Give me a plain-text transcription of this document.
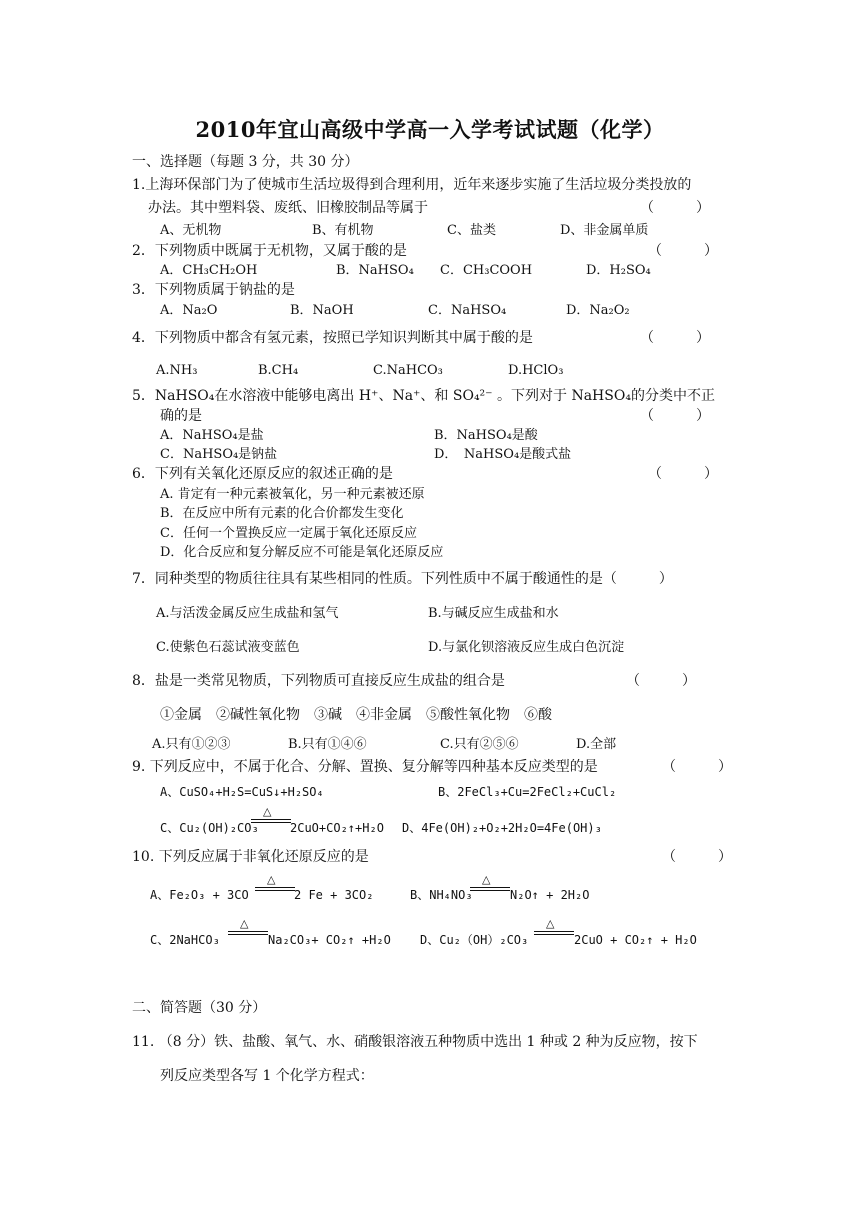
2010年宜山高级中学高一入学考试试题（化学）
一、选择题（每题 3 分，共 30 分）
1.上海环保部门为了使城市生活垃圾得到合理利用，近年来逐步实施了生活垃圾分类投放的
办法。其中塑料袋、废纸、旧橡胶制品等属于	（　　　）
A、无机物	B、有机物	C、盐类	D、非金属单质
2．下列物质中既属于无机物，又属于酸的是	（　　　）
A．CH₃CH₂OH	B．NaHSO₄ C．CH₃COOH	D．H₂SO₄
3．下列物质属于钠盐的是
A．Na₂O	B．NaOH	C．NaHSO₄	D．Na₂O₂
4．下列物质中都含有氢元素，按照已学知识判断其中属于酸的是	（　　　）
A.NH₃	B.CH₄	C.NaHCO₃	D.HClO₃
5．NaHSO₄在水溶液中能够电离出 H⁺、Na⁺、和 SO₄²⁻ 。下列对于 NaHSO₄的分类中不正
确的是	（　　　）
A．NaHSO₄是盐	B．NaHSO₄是酸
C．NaHSO₄是钠盐	D．　NaHSO₄是酸式盐
6．下列有关氧化还原反应的叙述正确的是	（　　　）
A. 肯定有一种元素被氧化，另一种元素被还原
B．在反应中所有元素的化合价都发生变化
C．任何一个置换反应一定属于氧化还原反应
D．化合反应和复分解反应不可能是氧化还原反应
7．同种类型的物质往往具有某些相同的性质。下列性质中不属于酸通性的是（　　　）
A.与活泼金属反应生成盐和氢气	B.与碱反应生成盐和水
C.使紫色石蕊试液变蓝色	D.与氯化钡溶液反应生成白色沉淀
8．盐是一类常见物质，下列物质可直接反应生成盐的组合是	（　　　）
①金属　②碱性氧化物　③碱　④非金属　⑤酸性氧化物　⑥酸
A.只有①②③	B.只有①④⑥	C.只有②⑤⑥	D.全部
9. 下列反应中，不属于化合、分解、置换、复分解等四种基本反应类型的是	（　　　）
A、CuSO₄+H₂S=CuS↓+H₂SO₄	B、2FeCl₃+Cu=2FeCl₂+CuCl₂
C、Cu₂(OH)₂CO₃
△
2CuO+CO₂↑+H₂O D、4Fe(OH)₂+O₂+2H₂O=4Fe(OH)₃
10. 下列反应属于非氧化还原反应的是	（　　　）
A、Fe₂O₃ + 3CO
△
2 Fe + 3CO₂	B、NH₄NO₃
△
N₂O↑ + 2H₂O
C、2NaHCO₃
△
Na₂CO₃+ CO₂↑ +H₂O D、Cu₂（OH）₂CO₃
△
2CuO + CO₂↑ + H₂O
二、简答题（30 分）
11. （8 分）铁、盐酸、氧气、水、硝酸银溶液五种物质中选出 1 种或 2 种为反应物，按下
列反应类型各写 1 个化学方程式：
